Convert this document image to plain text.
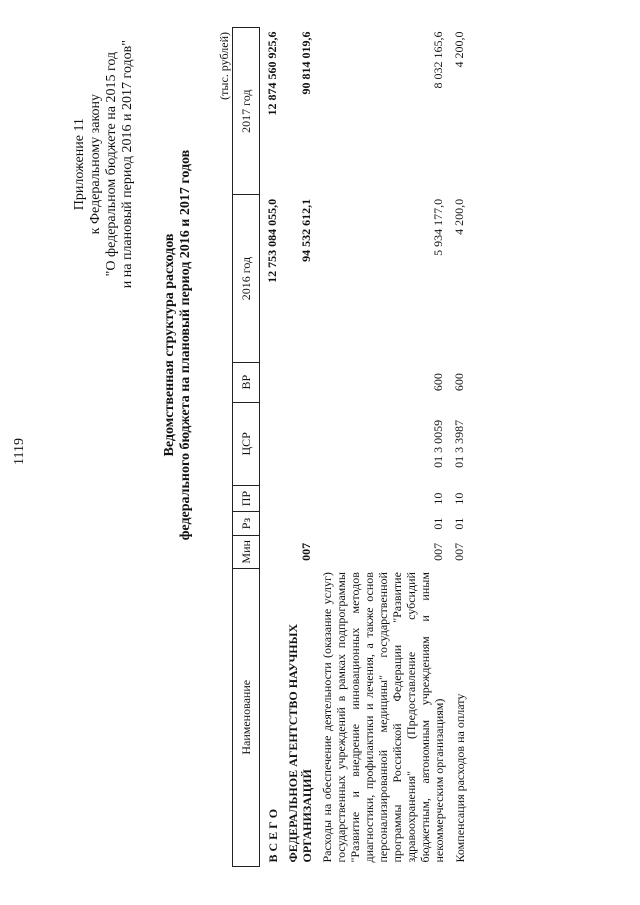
1119
Приложение 11 к Федеральному закону "О федеральном бюджете на 2015 год и на плановый период 2016 и 2017 годов"
Ведомственная структура расходов федерального бюджета на плановый период 2016 и 2017 годов
(тыс. рублей)
Наименование	Мин	Рз	ПР	ЦСР	ВР	2016 год	2017 год
В С Е Г О						12 753 084 055,0	12 874 560 925,6
ФЕДЕРАЛЬНОЕ АГЕНТСТВО НАУЧНЫХ ОРГАНИЗАЦИЙ	007					94 532 612,1	90 814 019,6
Расходы на обеспечение деятельности (оказание услуг) государственных учреждений в рамках подпрограммы "Развитие и внедрение инновационных методов диагностики, профилактики и лечения, а также основ персонализированной медицины" государственной программы Российской Федерации "Развитие здравоохранения" (Предоставление субсидий бюджетным, автономным учреждениям и иным некоммерческим организациям)	007	01	10	01 3 0059	600	5 934 177,0	8 032 165,6
Компенсация расходов на оплату	007	01	10	01 3 3987	600	4 200,0	4 200,0
